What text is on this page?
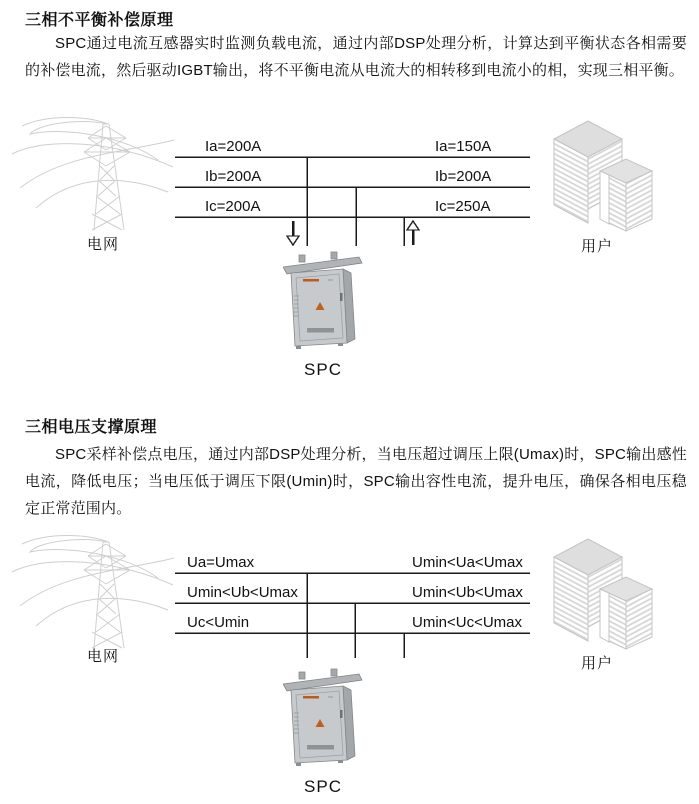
三相不平衡补偿原理
SPC通过电流互感器实时监测负载电流，通过内部DSP处理分析，计算达到平衡状态各相需要的补偿电流，然后驱动IGBT输出，将不平衡电流从电流大的相转移到电流小的相，实现三相平衡。
电网
Ia=200A
Ib=200A
Ic=200A
Ia=150A
Ib=200A
Ic=250A
用户
SPC
三相电压支撑原理
SPC采样补偿点电压，通过内部DSP处理分析，当电压超过调压上限(Umax)时，SPC输出感性电流，降低电压；当电压低于调压下限(Umin)时，SPC输出容性电流，提升电压，确保各相电压稳定正常范围内。
电网
Ua=Umax
Umin<Ub<Umax
Uc<Umin
Umin<Ua<Umax
Umin<Ub<Umax
Umin<Uc<Umax
用户
SPC
